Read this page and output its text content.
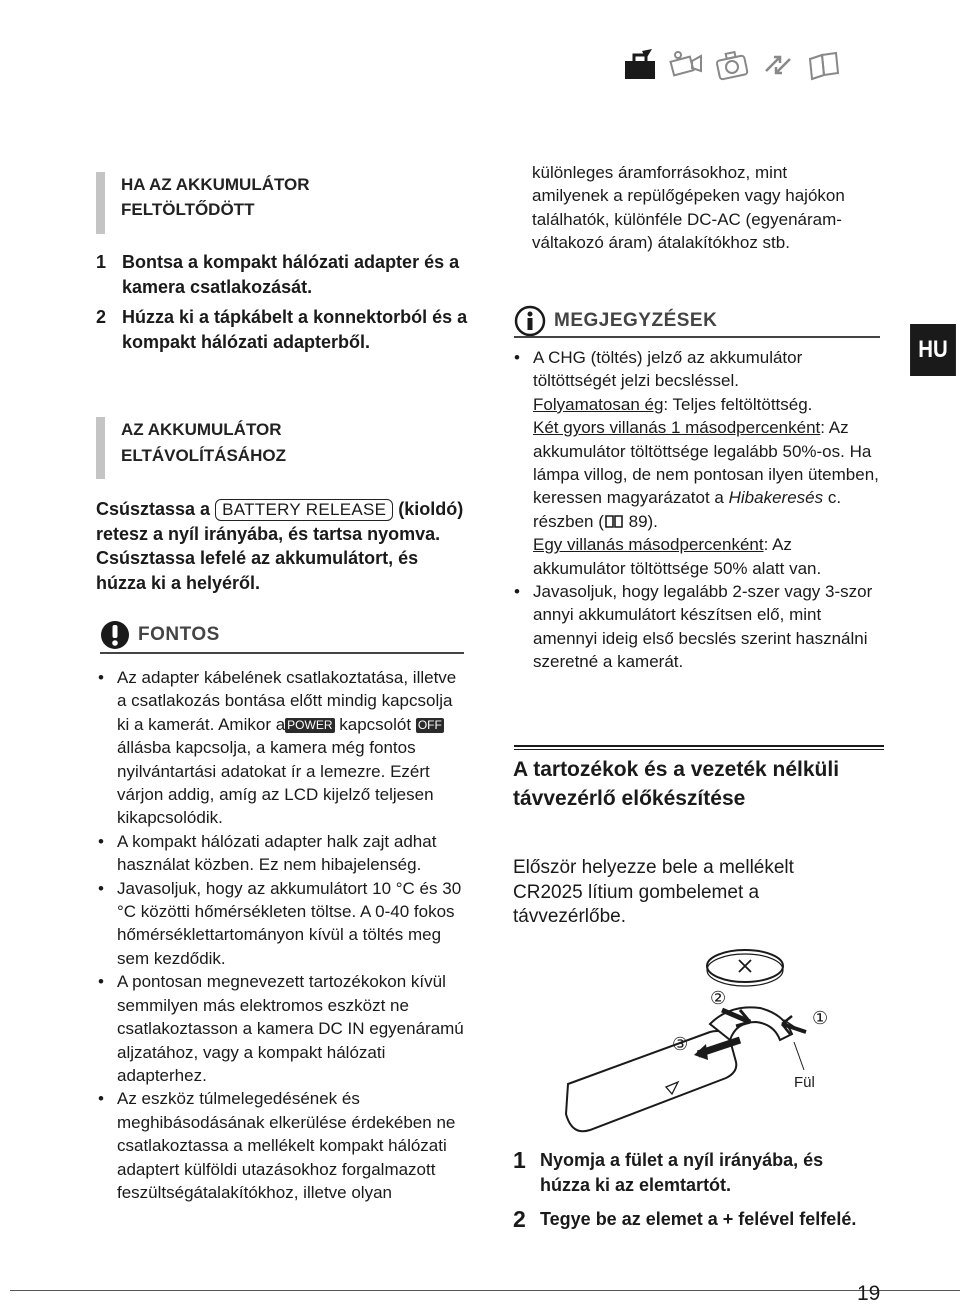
HU
HA AZ AKKUMULÁTOR
FELTÖLTŐDÖTT
1 Bontsa a kompakt hálózati adapter és a kamera csatlakozását.
2 Húzza ki a tápkábelt a konnektorból és a kompakt hálózati adapterből.
AZ AKKUMULÁTOR
ELTÁVOLÍTÁSÁHOZ
Csúsztassa a BATTERY RELEASE (kioldó) retesz a nyíl irányába, és tartsa nyomva. Csúsztassa lefelé az akkumulátort, és húzza ki a helyéről.
FONTOS
• Az adapter kábelének csatlakoztatása, illetve a csatlakozás bontása előtt mindig kapcsolja ki a kamerát. Amikor a POWER kapcsolót OFF állásba kapcsolja, a kamera még fontos nyilvántartási adatokat ír a lemezre. Ezért várjon addig, amíg az LCD kijelző teljesen kikapcsolódik.
• A kompakt hálózati adapter halk zajt adhat használat közben. Ez nem hibajelenség.
• Javasoljuk, hogy az akkumulátort 10 °C és 30 °C közötti hőmérsékleten töltse. A 0-40 fokos hőmérséklettartományon kívül a töltés meg sem kezdődik.
• A pontosan megnevezett tartozékokon kívül semmilyen más elektromos eszközt ne csatlakoztasson a kamera DC IN egyenáramú aljzatához, vagy a kompakt hálózati adapterhez.
• Az eszköz túlmelegedésének és meghibásodásának elkerülése érdekében ne csatlakoztassa a mellékelt kompakt hálózati adaptert külföldi utazásokhoz forgalmazott feszültségátalakítókhoz, illetve olyan
különleges áramforrásokhoz, mint amilyenek a repülőgépeken vagy hajókon találhatók, különféle DC-AC (egyenáram-váltakozó áram) átalakítókhoz stb.
MEGJEGYZÉSEK
• A CHG (töltés) jelző az akkumulátor töltöttségét jelzi becsléssel.
Folyamatosan ég: Teljes feltöltöttség.
Két gyors villanás 1 másodpercenként: Az akkumulátor töltöttsége legalább 50%-os. Ha lámpa villog, de nem pontosan ilyen ütemben, keressen magyarázatot a Hibakeresés c. részben ( 89).
Egy villanás másodpercenként: Az akkumulátor töltöttsége 50% alatt van.
• Javasoljuk, hogy legalább 2-szer vagy 3-szor annyi akkumulátort készítsen elő, mint amennyi ideig első becslés szerint használni szeretné a kamerát.
A tartozékok és a vezeték nélküli távvezérlő előkészítése
Először helyezze bele a mellékelt CR2025 lítium gombelemet a távvezérlőbe.
②
①
③
Fül
1 Nyomja a fület a nyíl irányába, és húzza ki az elemtartót.
2 Tegye be az elemet a + felével felfelé.
19
